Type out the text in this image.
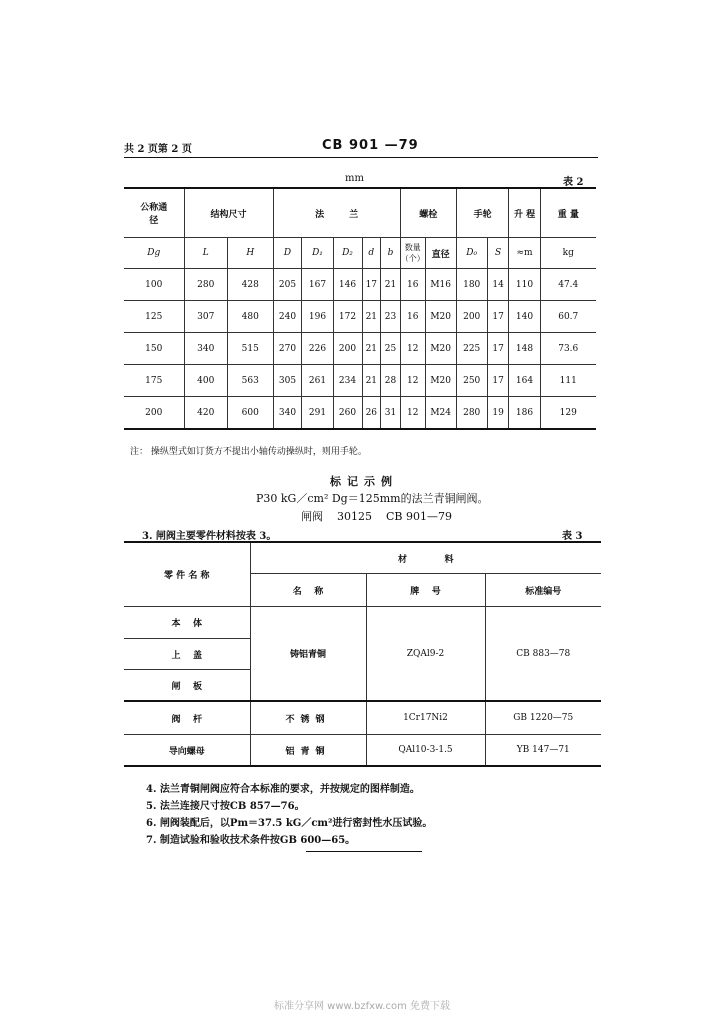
共 2 页第 2 页	CB 901 —79
mm	表 2
公称通径	结构尺寸		法        兰					螺栓		手轮		升 程	重 量
Dg	L	H	D	D₁	D₂	d	b	数量（个）	直径	D₀	S	≈m	kg
100	280	428	205	167	146	17	21	16	M16	180	14	110	47.4
125	307	480	240	196	172	21	23	16	M20	200	17	140	60.7
150	340	515	270	226	200	21	25	12	M20	225	17	148	73.6
175	400	563	305	261	234	21	28	12	M20	250	17	164	111
200	420	600	340	291	260	26	31	12	M24	280	19	186	129
注： 操纵型式如订货方不提出小轴传动操纵时，则用手轮。
标记示例
P30 kG／cm² Dg＝125mm的法兰青铜闸阀。
闸阀    30125    CB 901—79
3. 闸阀主要零件材料按表 3。	表 3
零 件 名 称	材            料		
	名    称	牌    号	标准编号
本    体	铸铝青铜	ZQAl9-2	CB 883—78
上    盖			
闸    板			
阀    杆	不锈钢	1Cr17Ni2	GB 1220—75
导向螺母	铝青铜	QAl10-3-1.5	YB 147—71
4. 法兰青铜闸阀应符合本标准的要求，并按规定的图样制造。
5. 法兰连接尺寸按CB 857—76。
6. 闸阀装配后，以Pm＝37.5 kG／cm²进行密封性水压试验。
7. 制造试验和验收技术条件按GB 600—65。
标准分享网 www.bzfxw.com 免费下载
